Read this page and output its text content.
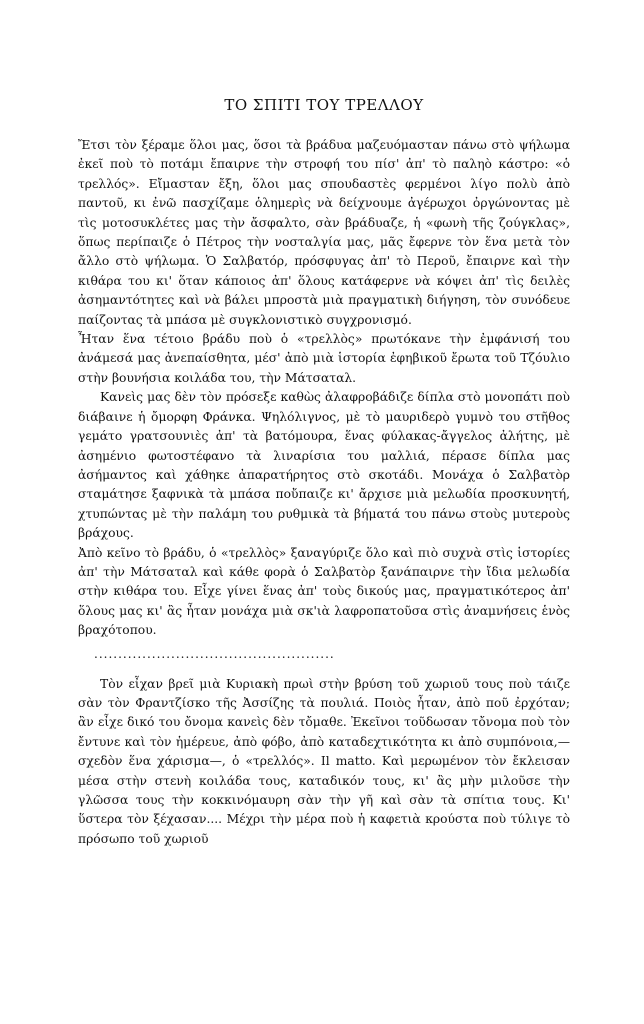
ΤΟ ΣΠΙΤΙ ΤΟΥ ΤΡΕΛΛΟΥ

Ἔτσι τὸν ξέραμε ὅλοι μας, ὅσοι τὰ βράδυα μαζευόμασταν πάνω στὸ ψήλωμα ἐκεῖ ποὺ τὸ ποτάμι ἔπαιρνε τὴν στροφή του πίσ' ἀπ' τὸ παληὸ κάστρο: «ὁ τρελλός». Εἴμασταν ἔξη, ὅλοι μας σπουδαστὲς φερμένοι λίγο πολὺ ἀπὸ παντοῦ, κι ἐνῶ πασχίζαμε ὁλημερὶς νὰ δείχνουμε ἀγέρωχοι ὀργώνοντας μὲ τὶς μοτοσυκλέτες μας τὴν ἄσφαλτο, σὰν βράδυαζε, ἡ «φωνὴ τῆς ζούγκλας», ὅπως περίπαιζε ὁ Πέτρος τὴν νοσταλγία μας, μᾶς ἔφερνε τὸν ἕνα μετὰ τὸν ἄλλο στὸ ψήλωμα. Ὁ Σαλβατόρ, πρόσφυγας ἀπ' τὸ Περοῦ, ἔπαιρνε καὶ τὴν κιθάρα του κι' ὅταν κάποιος ἀπ' ὅλους κατάφερνε νὰ κόψει ἀπ' τὶς δειλὲς ἀσημαντότητες καὶ νὰ βάλει μπροστὰ μιὰ πραγματικὴ διήγηση, τὸν συνόδευε παίζοντας τὰ μπάσα μὲ συγκλονιστικὸ συγχρονισμό.

Ἦταν ἕνα τέτοιο βράδυ ποὺ ὁ «τρελλὸς» πρωτόκανε τὴν ἐμφάνισή του ἀνάμεσά μας ἀνεπαίσθητα, μέσ' ἀπὸ μιὰ ἱστορία ἐφηβικοῦ ἔρωτα τοῦ Τζόυλιο στὴν βουνήσια κοιλάδα του, τὴν Μάτσαταλ.

Κανεὶς μας δὲν τὸν πρόσεξε καθὼς ἀλαφροβάδιζε δίπλα στὸ μονοπάτι ποὺ διάβαινε ἡ ὄμορφη Φράνκα. Ψηλόλιγνος, μὲ τὸ μαυριδερὸ γυμνὸ του στῆθος γεμάτο γρατσουνιὲς ἀπ' τὰ βατόμουρα, ἕνας φύλακας-ἄγγελος ἀλήτης, μὲ ἀσημένιο φωτοστέφανο τὰ λιναρίσια του μαλλιά, πέρασε δίπλα μας ἀσήμαντος καὶ χάθηκε ἀπαρατήρητος στὸ σκοτάδι. Μονάχα ὁ Σαλβατὸρ σταμάτησε ξαφνικὰ τὰ μπάσα ποὔπαιζε κι' ἄρχισε μιὰ μελωδία προσκυνητή, χτυπώντας μὲ τὴν παλάμη του ρυθμικὰ τὰ βήματά του πάνω στοὺς μυτεροὺς βράχους.

Ἀπὸ κεῖνο τὸ βράδυ, ὁ «τρελλὸς» ξαναγύριζε ὅλο καὶ πιὸ συχνὰ στὶς ἱστορίες ἀπ' τὴν Μάτσαταλ καὶ κάθε φορὰ ὁ Σαλβατὸρ ξανάπαιρνε τὴν ἴδια μελωδία στὴν κιθάρα του. Εἶχε γίνει ἕνας ἀπ' τοὺς δικούς μας, πραγματικότερος ἀπ' ὅλους μας κι' ἂς ἦταν μονάχα μιὰ σκ'ιὰ λαφροπατοῦσα στὶς ἀναμνήσεις ἑνὸς βραχότοπου.

..................................................

Τὸν εἶχαν βρεῖ μιὰ Κυριακὴ πρωὶ στὴν βρύση τοῦ χωριοῦ τους ποὺ τάιζε σὰν τὸν Φραντζίσκο τῆς Ἀσσίζης τὰ πουλιά. Ποιὸς ἦταν, ἀπὸ ποῦ ἐρχόταν; ἂν εἶχε δικό του ὄνομα κανεὶς δὲν τὄμαθε. Ἐκεῖνοι τοῦδωσαν τὄνομα ποὺ τὸν ἔντυνε καὶ τὸν ἡμέρευε, ἀπὸ φόβο, ἀπὸ καταδεχτικότητα κι ἀπὸ συμπόνοια,—σχεδὸν ἕνα χάρισμα—, ὁ «τρελλός». Il matto. Καὶ μερωμένον τὸν ἔκλεισαν μέσα στὴν στενὴ κοιλάδα τους, καταδικόν τους, κι' ἂς μὴν μιλοῦσε τὴν γλῶσσα τους τὴν κοκκινόμαυρη σὰν τὴν γῆ καὶ σὰν τὰ σπίτια τους. Κι' ὕστερα τὸν ξέχασαν.... Μέχρι τὴν μέρα ποὺ ἡ καφετιὰ κρούστα ποὺ τύλιγε τὸ πρόσωπο τοῦ χωριοῦ
